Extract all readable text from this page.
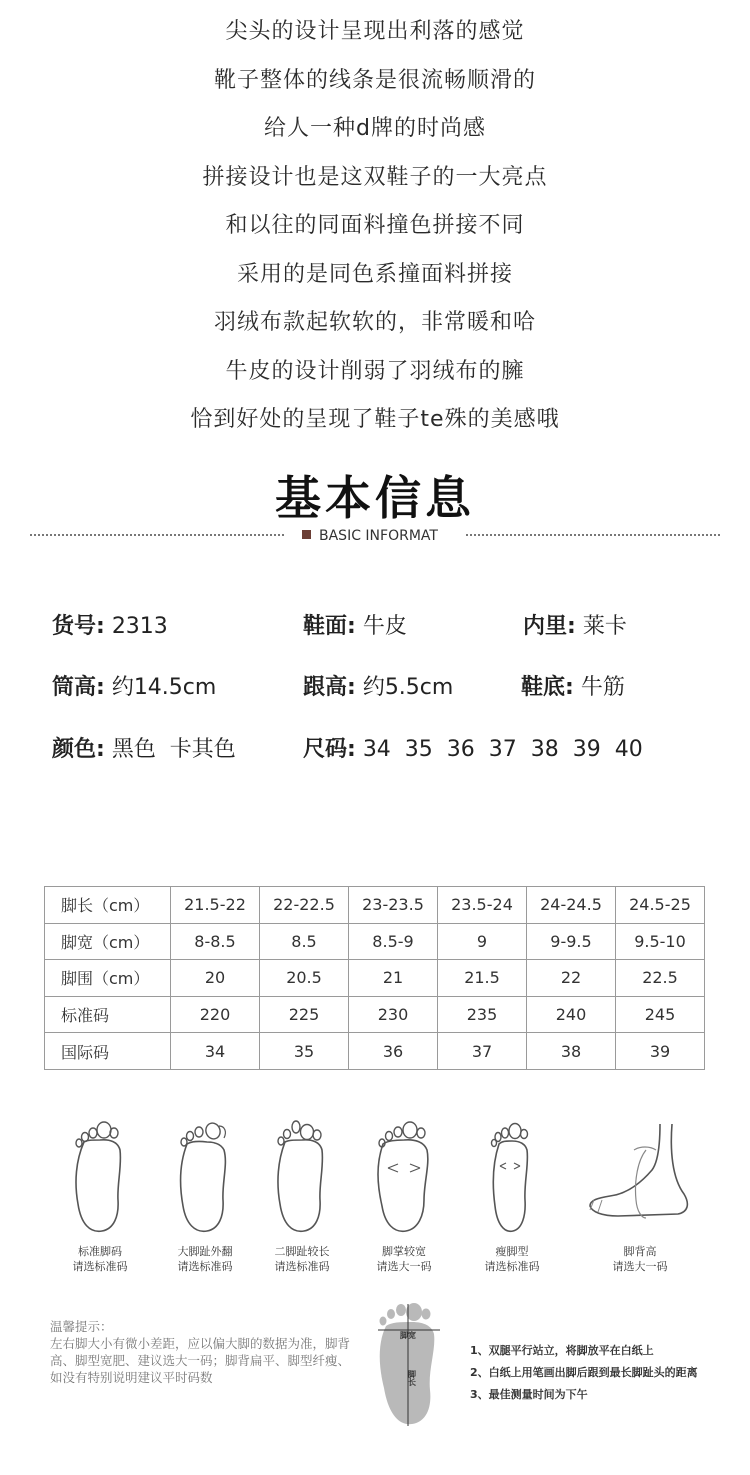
尖头的设计呈现出利落的感觉
靴子整体的线条是很流畅顺滑的
给人一种d牌的时尚感
拼接设计也是这双鞋子的一大亮点
和以往的同面料撞色拼接不同
采用的是同色系撞面料拼接
羽绒布款起软软的，非常暖和哈
牛皮的设计削弱了羽绒布的臃
恰到好处的呈现了鞋子te殊的美感哦
基本信息
BASIC INFORMAT
货号: 2313	鞋面: 牛皮	内里: 莱卡
筒高: 约14.5cm	跟高: 约5.5cm	鞋底: 牛筋
颜色: 黑色  卡其色	尺码: 34  35  36  37  38  39  40
脚长（cm）	21.5-22	22-22.5	23-23.5	23.5-24	24-24.5	24.5-25
脚宽（cm）	8-8.5	8.5	8.5-9	9	9-9.5	9.5-10
脚围（cm）	20	20.5	21	21.5	22	22.5
标准码	220	225	230	235	240	245
国际码	34	35	36	37	38	39
标准脚码
请选标准码
大脚趾外翻
请选标准码
二脚趾较长
请选标准码
脚掌较宽
请选大一码
瘦脚型
请选标准码
脚背高
请选大一码
温馨提示：
左右脚大小有微小差距，应以偏大脚的数据为准，脚背高、脚型宽肥、建议选大一码；脚背扁平、脚型纤瘦、如没有特别说明建议平时码数
脚宽
脚长
1、双腿平行站立，将脚放平在白纸上
2、白纸上用笔画出脚后跟到最长脚趾头的距离
3、最佳测量时间为下午
